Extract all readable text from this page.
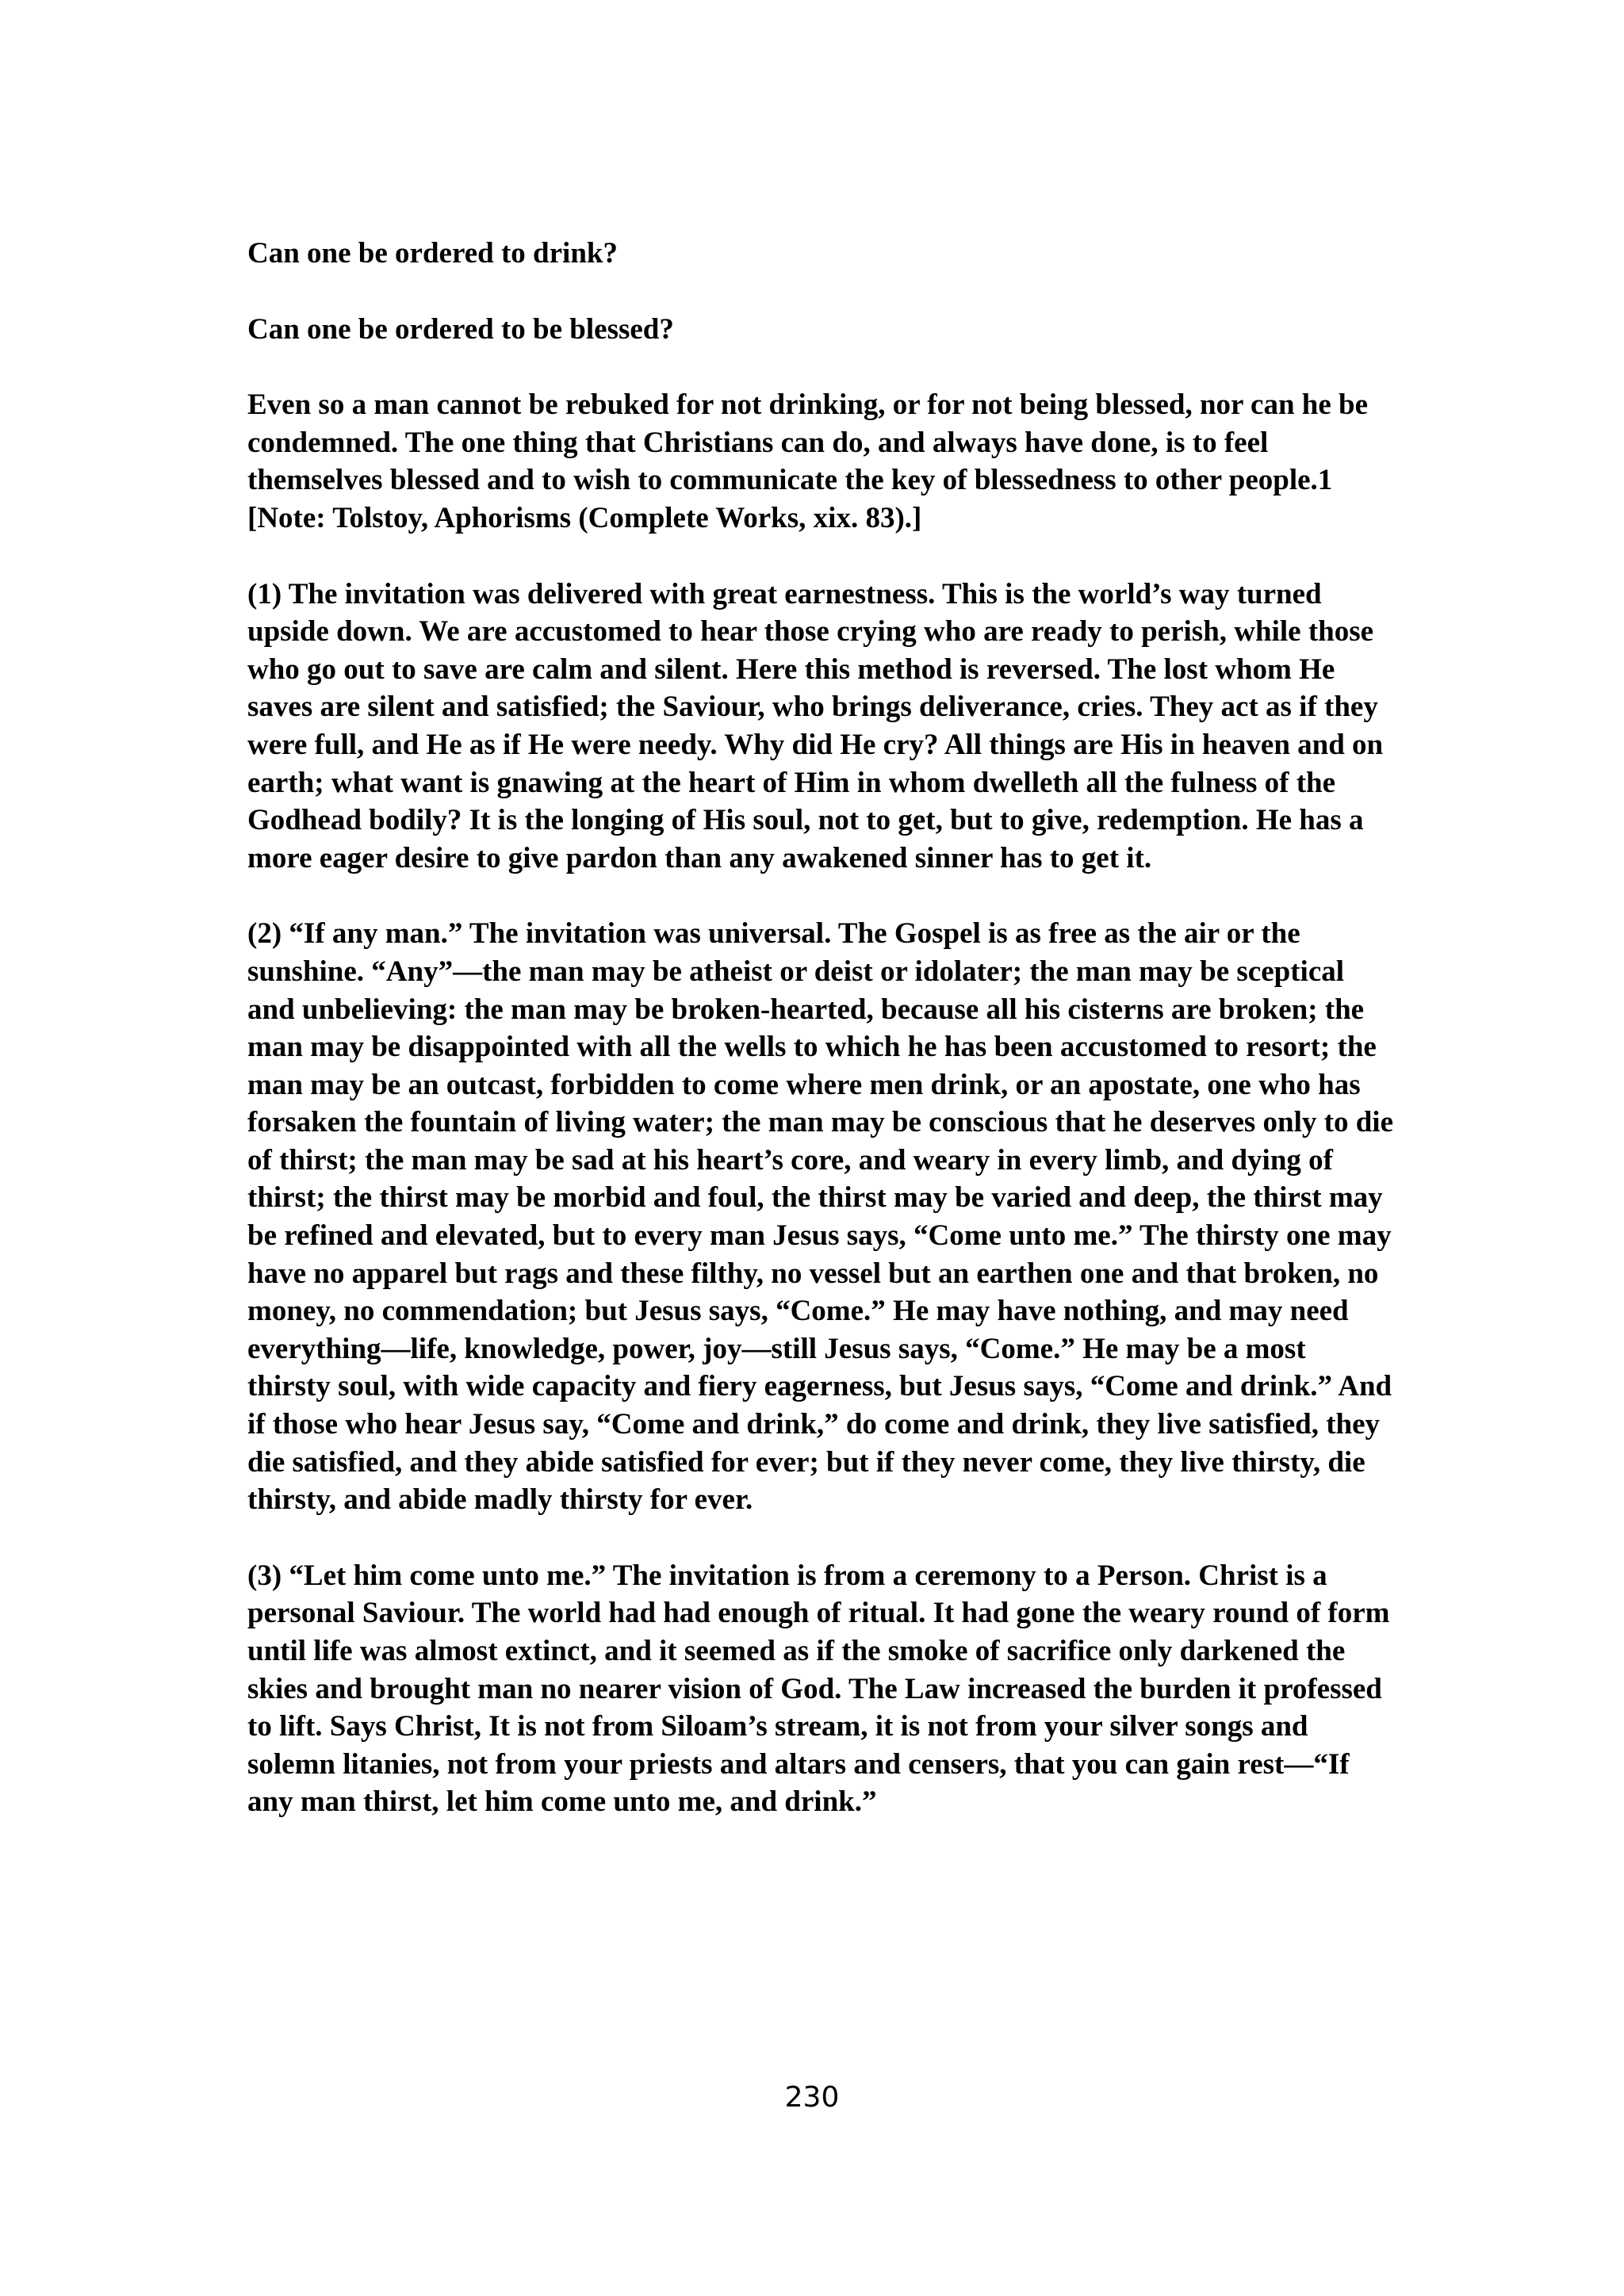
Can one be ordered to drink?

Can one be ordered to be blessed?

Even so a man cannot be rebuked for not drinking, or for not being blessed, nor can he be condemned. The one thing that Christians can do, and always have done, is to feel themselves blessed and to wish to communicate the key of blessedness to other people.1 [Note: Tolstoy, Aphorisms (Complete Works, xix. 83).]

(1) The invitation was delivered with great earnestness. This is the world’s way turned upside down. We are accustomed to hear those crying who are ready to perish, while those who go out to save are calm and silent. Here this method is reversed. The lost whom He saves are silent and satisfied; the Saviour, who brings deliverance, cries. They act as if they were full, and He as if He were needy. Why did He cry? All things are His in heaven and on earth; what want is gnawing at the heart of Him in whom dwelleth all the fulness of the Godhead bodily? It is the longing of His soul, not to get, but to give, redemption. He has a more eager desire to give pardon than any awakened sinner has to get it.

(2) “If any man.” The invitation was universal. The Gospel is as free as the air or the sunshine. “Any”—the man may be atheist or deist or idolater; the man may be sceptical and unbelieving: the man may be broken-hearted, because all his cisterns are broken; the man may be disappointed with all the wells to which he has been accustomed to resort; the man may be an outcast, forbidden to come where men drink, or an apostate, one who has forsaken the fountain of living water; the man may be conscious that he deserves only to die of thirst; the man may be sad at his heart’s core, and weary in every limb, and dying of thirst; the thirst may be morbid and foul, the thirst may be varied and deep, the thirst may be refined and elevated, but to every man Jesus says, “Come unto me.” The thirsty one may have no apparel but rags and these filthy, no vessel but an earthen one and that broken, no money, no commendation; but Jesus says, “Come.” He may have nothing, and may need everything—life, knowledge, power, joy—still Jesus says, “Come.” He may be a most thirsty soul, with wide capacity and fiery eagerness, but Jesus says, “Come and drink.” And if those who hear Jesus say, “Come and drink,” do come and drink, they live satisfied, they die satisfied, and they abide satisfied for ever; but if they never come, they live thirsty, die thirsty, and abide madly thirsty for ever.

(3) “Let him come unto me.” The invitation is from a ceremony to a Person. Christ is a personal Saviour. The world had had enough of ritual. It had gone the weary round of form until life was almost extinct, and it seemed as if the smoke of sacrifice only darkened the skies and brought man no nearer vision of God. The Law increased the burden it professed to lift. Says Christ, It is not from Siloam’s stream, it is not from your silver songs and solemn litanies, not from your priests and altars and censers, that you can gain rest—“If any man thirst, let him come unto me, and drink.”

230
